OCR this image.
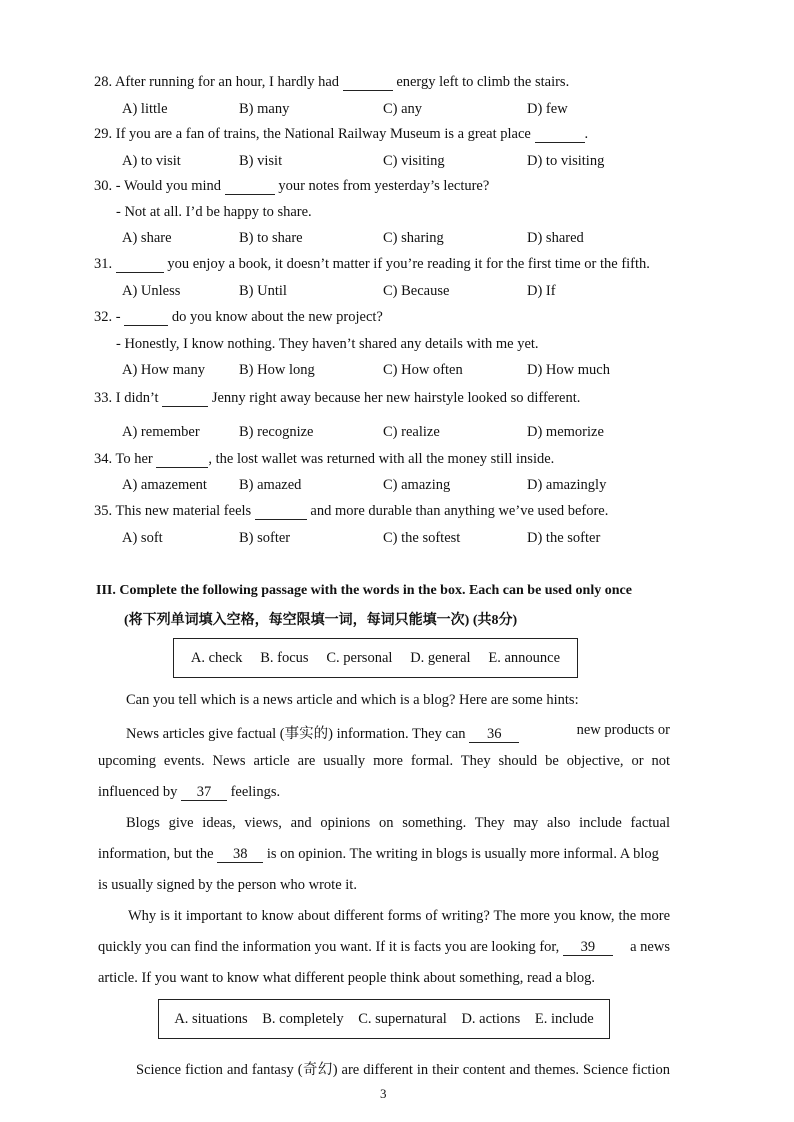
28. After running for an hour, I hardly had	energy left to climb the stairs.
A) little	B) many	C) any	D) few
29. If you are a fan of trains, the National Railway Museum is a great place	.
A) to visit	B) visit	C) visiting	D) to visiting
30. - Would you mind	your notes from yesterday’s lecture?
- Not at all. I’d be happy to share.
A) share	B) to share	C) sharing	D) shared
31.	you enjoy a book, it doesn’t matter if you’re reading it for the first time or the fifth.
A) Unless	B) Until	C) Because	D) If
32. -	do you know about the new project?
- Honestly, I know nothing. They haven’t shared any details with me yet.
A) How many B) How long	C) How often	D) How much
33. I didn’t	Jenny right away because her new hairstyle looked so different.
A) remember	B) recognize	C) realize	D) memorize
34. To her	, the lost wallet was returned with all the money still inside.
A) amazement B) amazed	C) amazing	D) amazingly
35. This new material feels	and more durable than anything we’ve used before.
A) soft	B) softer	C) the softest	D) the softer
III. Complete the following passage with the words in the box. Each can be used only once
(将下列单词填入空格，每空限填一词，每词只能填一次) (共8分)
A. check B. focus C. personal D. general E. announce
Can you tell which is a news article and which is a blog? Here are some hints:
News articles give factual (事实的) information. They can 36	new products or
upcoming events. News article are usually more formal. They should be objective, or not
influenced by 37 feelings.
Blogs give ideas, views, and opinions on something. They may also include factual
information, but the 38 is on opinion. The writing in blogs is usually more informal. A blog
is usually signed by the person who wrote it.
Why is it important to know about different forms of writing? The more you know, the more
quickly you can find the information you want. If it is facts you are looking for, 39	a news
article. If you want to know what different people think about something, read a blog.
A. situations B. completely C. supernatural D. actions E. include
Science fiction and fantasy (奇幻) are different in their content and themes. Science fiction
3
